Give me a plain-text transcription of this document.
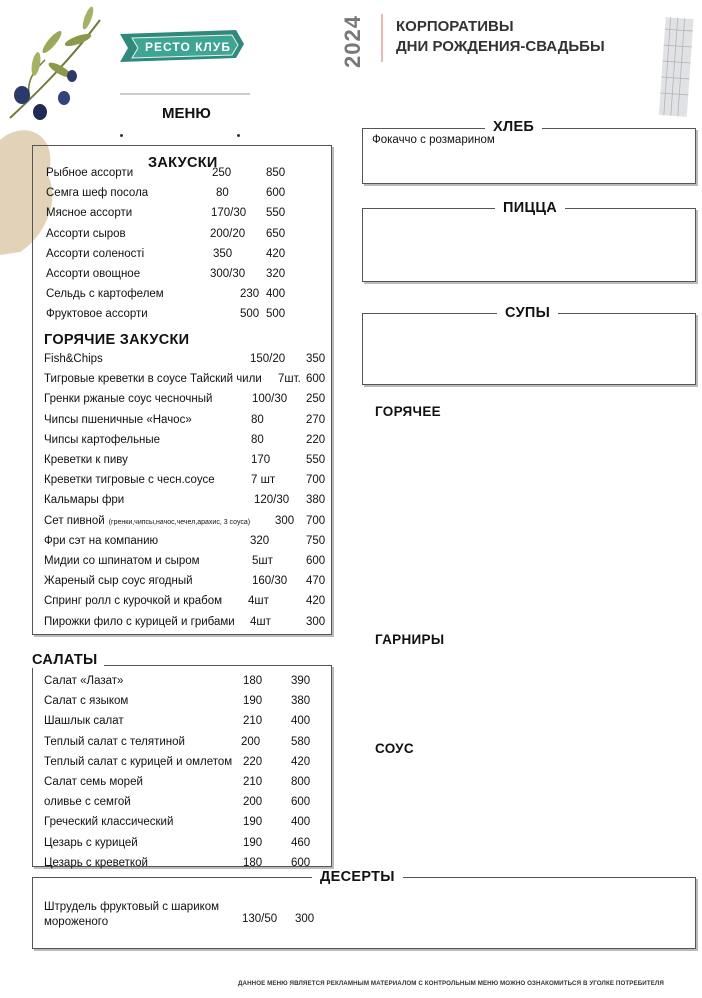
РЕСТО КЛУБ	2024 КОРПОРАТИВЫ
ДНИ РОЖДЕНИЯ-СВАДЬБЫ
МЕНЮ
ЗАКУСКИ
Рыбное ассорти	250	850
Семга шеф посола	80	600
Мясное ассорти	170/30 550
Ассорти сыров	200/20 650
Ассорти соленостi	350	420
Ассорти овощное	300/30 320
Сельдь с картофелем	230 400
Фруктовое ассорти	500 500
ГОРЯЧИЕ ЗАКУСКИ
Fish&Chips	150/20 350
Тигровые креветки в соусе Тайский чили 7шт. 600
Гренки ржаные соус чесночный	100/30 250
Чипсы пшеничные «Начос»	80	270
Чипсы картофельные	80	220
Креветки к пиву	170	550
Креветки тигровые с чесн.соусе	7 шт	700
Кальмары фри	120/30 380
Сет пивной (гренки,чипсы,начос,чечел,арахис, 3 соуса) 300 700
Фри сэт на компанию	320	750
Мидии со шпинатом и сыром	5шт	600
Жареный сыр соус ягодный	160/30 470
Спринг ролл с курочкой и крабом 4шт	420
Пирожки фило с курицей и грибами 4шт	300
САЛАТЫ
Салат «Лазат»	180	390
Салат с языком	190	380
Шашлык салат	210	400
Теплый салат с телятиной	200	580
Теплый салат с курицей и омлетом 220	420
Салат семь морей	210	800
оливье с семгой	200	600
Греческий классический	190	400
Цезарь с курицей	190	460
Цезарь с креветкой	180	600
ХЛЕБ
Фокаччо с розмарином
ПИЦЦА
СУПЫ
ГОРЯЧЕЕ
ГАРНИРЫ
СОУС
ДЕСЕРТЫ
Штрудель фруктовый с шариком мороженого	130/50 300
ДАННОЕ МЕНЮ ЯВЛЯЕТСЯ РЕКЛАМНЫМ МАТЕРИАЛОМ С КОНТРОЛЬНЫМ МЕНЮ МОЖНО ОЗНАКОМИТЬСЯ В УГОЛКЕ ПОТРЕБИТЕЛЯ
